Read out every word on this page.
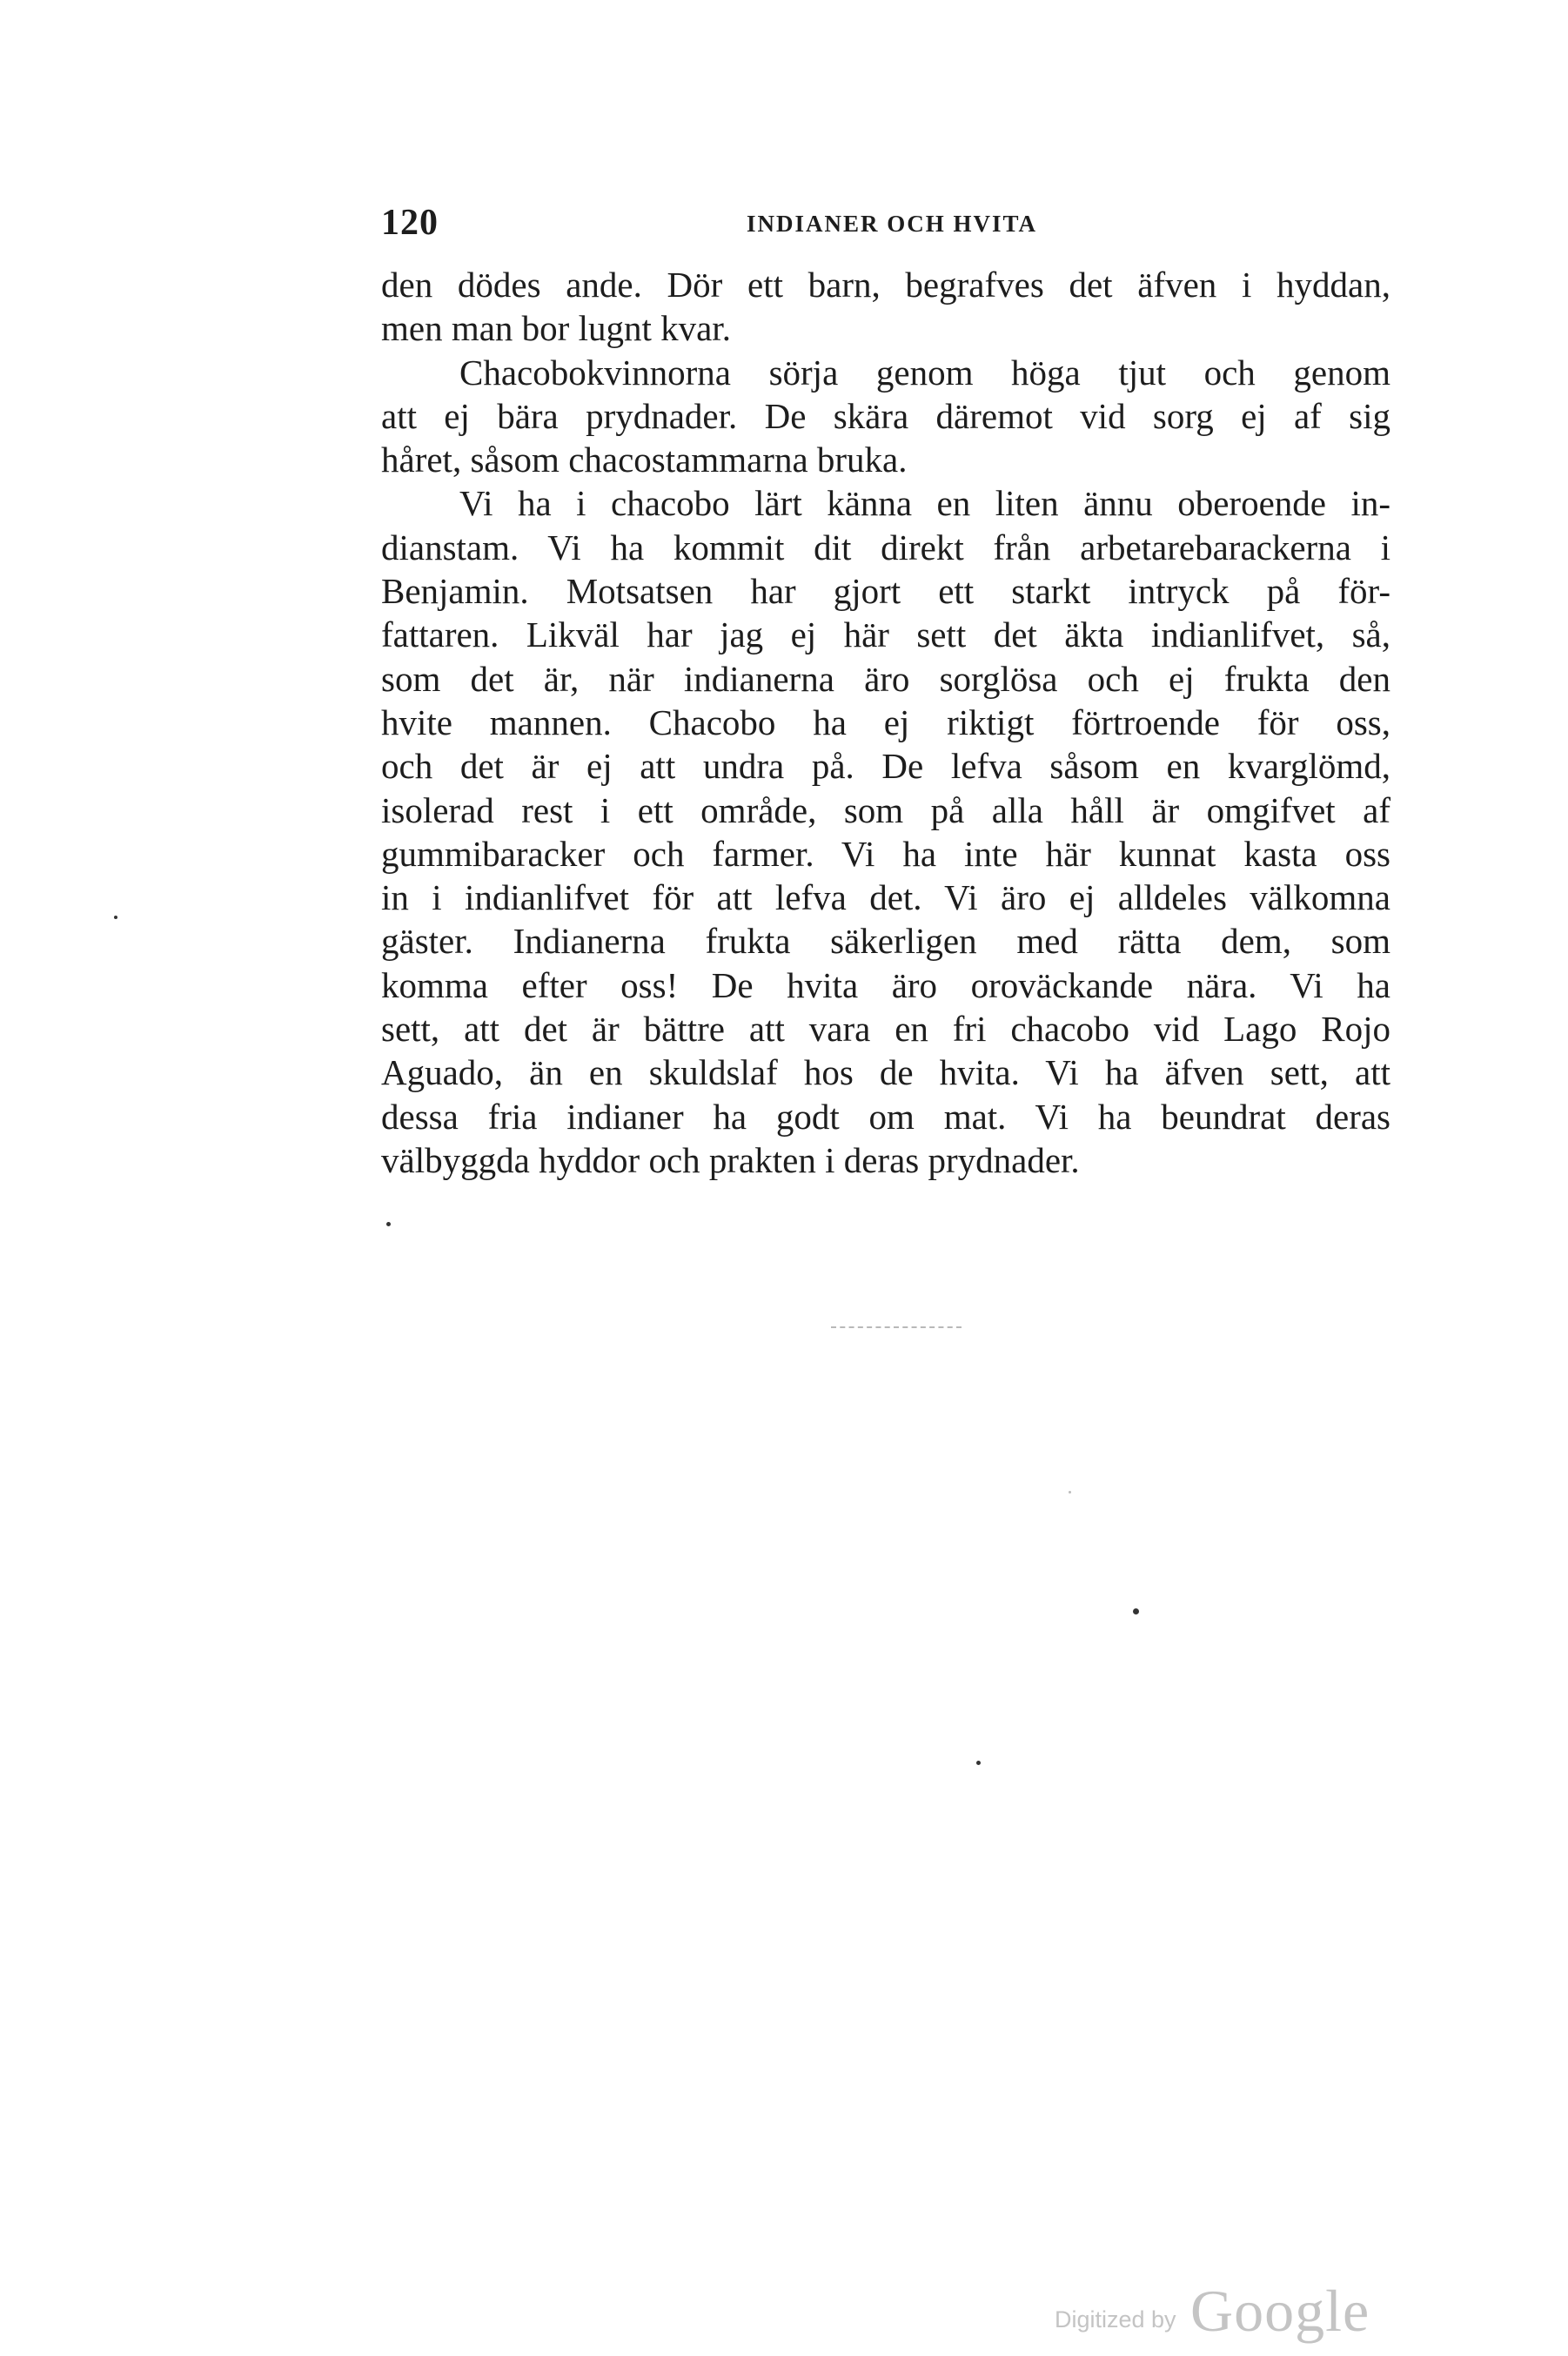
120	INDIANER OCH HVITA
den dödes ande. Dör ett barn, begrafves det äfven i hyddan,
men man bor lugnt kvar.
Chacobokvinnorna sörja genom höga tjut och genom
att ej bära prydnader. De skära däremot vid sorg ej af sig
håret, såsom chacostammarna bruka.
Vi ha i chacobo lärt känna en liten ännu oberoende in-
dianstam. Vi ha kommit dit direkt från arbetarebarackerna i
Benjamin. Motsatsen har gjort ett starkt intryck på för-
fattaren. Likväl har jag ej här sett det äkta indianlifvet, så,
som det är, när indianerna äro sorglösa och ej frukta den
hvite mannen. Chacobo ha ej riktigt förtroende för oss,
och det är ej att undra på. De lefva såsom en kvarglömd,
isolerad rest i ett område, som på alla håll är omgifvet af
gummibaracker och farmer. Vi ha inte här kunnat kasta oss
in i indianlifvet för att lefva det. Vi äro ej alldeles välkomna
gäster. Indianerna frukta säkerligen med rätta dem, som
komma efter oss! De hvita äro oroväckande nära. Vi ha
sett, att det är bättre att vara en fri chacobo vid Lago Rojo
Aguado, än en skuldslaf hos de hvita. Vi ha äfven sett, att
dessa fria indianer ha godt om mat. Vi ha beundrat deras
välbyggda hyddor och prakten i deras prydnader.
Digitized by Google
